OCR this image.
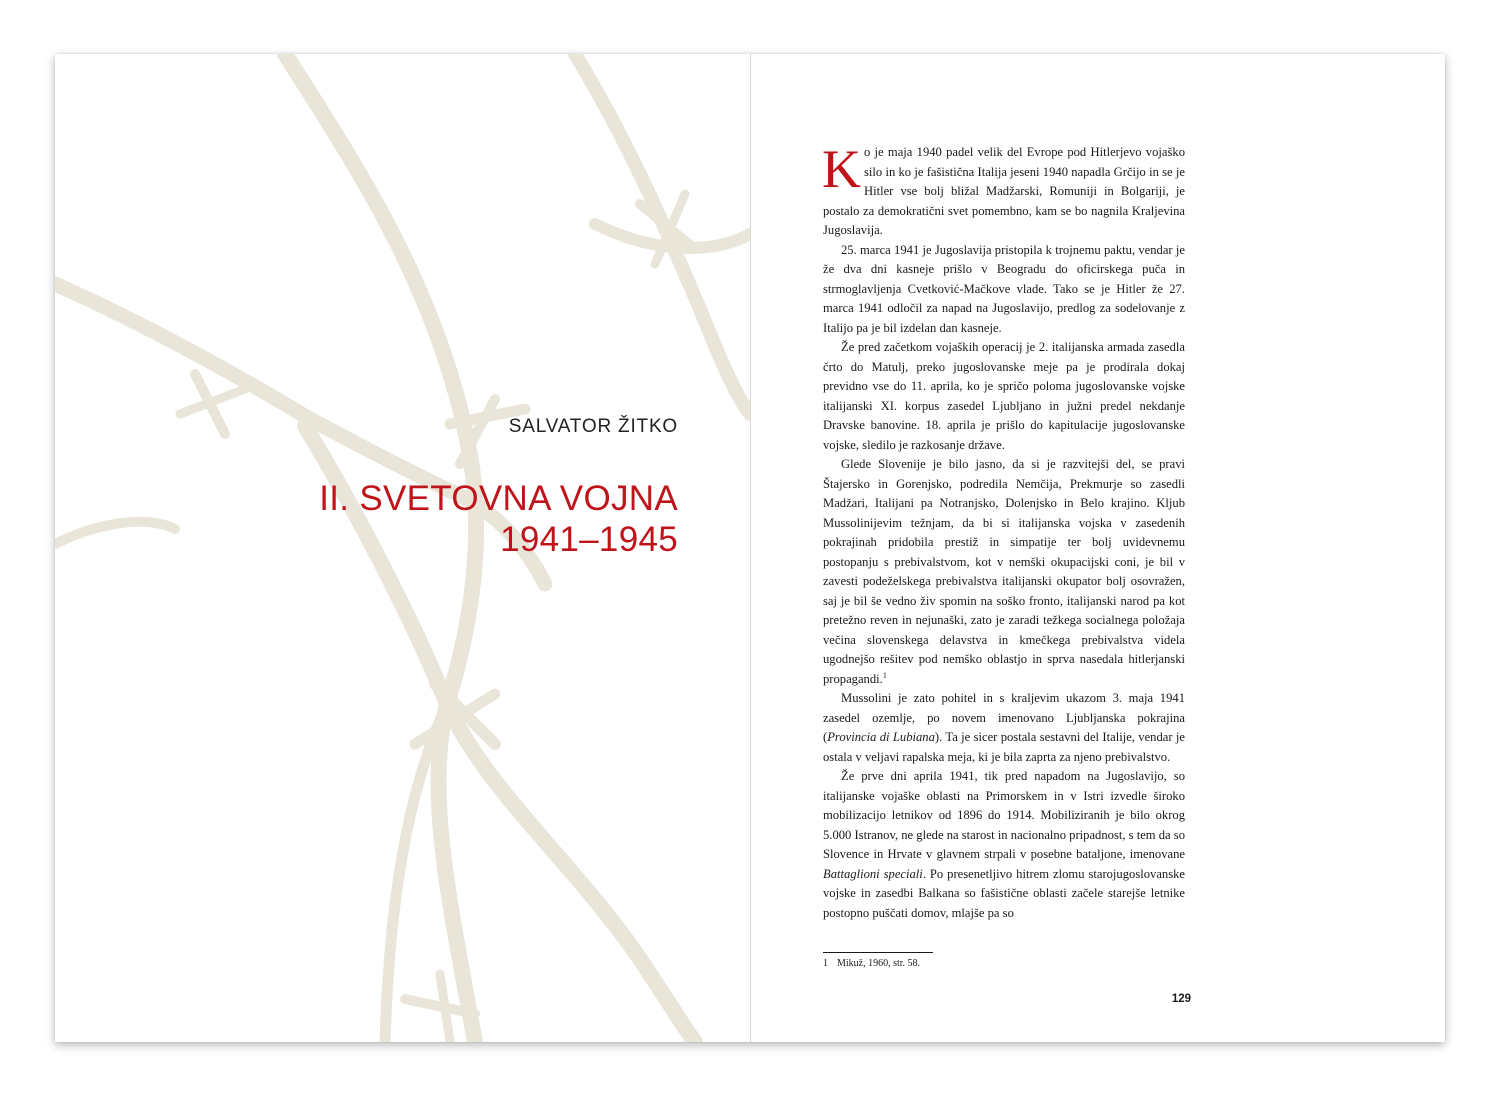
SALVATOR ŽITKO
II. SVETOVNA VOJNA
1941–1945

Ko je maja 1940 padel velik del Evrope pod Hitlerjevo vojaško silo in ko je fašistična Italija jeseni 1940 napadla Grčijo in se je Hitler vse bolj bližal Madžarski, Romuniji in Bolgariji, je postalo za demokratični svet pomembno, kam se bo nagnila Kraljevina Jugoslavija.

25. marca 1941 je Jugoslavija pristopila k trojnemu paktu, vendar je že dva dni kasneje prišlo v Beogradu do oficirskega puča in strmoglavljenja Cvetković-Mačkove vlade. Tako se je Hitler že 27. marca 1941 odločil za napad na Jugoslavijo, predlog za sodelovanje z Italijo pa je bil izdelan dan kasneje.

Že pred začetkom vojaških operacij je 2. italijanska armada zasedla črto do Matulj, preko jugoslovanske meje pa je prodirala dokaj previdno vse do 11. aprila, ko je spričo poloma jugoslovanske vojske italijanski XI. korpus zasedel Ljubljano in južni predel nekdanje Dravske banovine. 18. aprila je prišlo do kapitulacije jugoslovanske vojske, sledilo je razkosanje države.

Glede Slovenije je bilo jasno, da si je razvitejši del, se pravi Štajersko in Gorenjsko, podredila Nemčija, Prekmurje so zasedli Madžari, Italijani pa Notranjsko, Dolenjsko in Belo krajino. Kljub Mussolinijevim težnjam, da bi si italijanska vojska v zasedenih pokrajinah pridobila prestiž in simpatije ter bolj uvidevnemu postopanju s prebivalstvom, kot v nemški okupacijski coni, je bil v zavesti podeželskega prebivalstva italijanski okupator bolj osovražen, saj je bil še vedno živ spomin na soško fronto, italijanski narod pa kot pretežno reven in nejunaški, zato je zaradi težkega socialnega položaja večina slovenskega delavstva in kmečkega prebivalstva videla ugodnejšo rešitev pod nemško oblastjo in sprva nasedala hitlerjanski propagandi.$^1$

Mussolini je zato pohitel in s kraljevim ukazom 3. maja 1941 zasedel ozemlje, po novem imenovano Ljubljanska pokrajina (Provincia di Lubiana). Ta je sicer postala sestavni del Italije, vendar je ostala v veljavi rapalska meja, ki je bila zaprta za njeno prebivalstvo.

Že prve dni aprila 1941, tik pred napadom na Jugoslavijo, so italijanske vojaške oblasti na Primorskem in v Istri izvedle široko mobilizacijo letnikov od 1896 do 1914. Mobiliziranih je bilo okrog 5.000 Istranov, ne glede na starost in nacionalno pripadnost, s tem da so Slovence in Hrvate v glavnem strpali v posebne bataljone, imenovane Battaglioni speciali. Po presenetljivo hitrem zlomu starojugoslovanske vojske in zasedbi Balkana so fašistične oblasti začele starejše letnike postopno puščati domov, mlajše pa so

1 Mikuž, 1960, str. 58.
129
